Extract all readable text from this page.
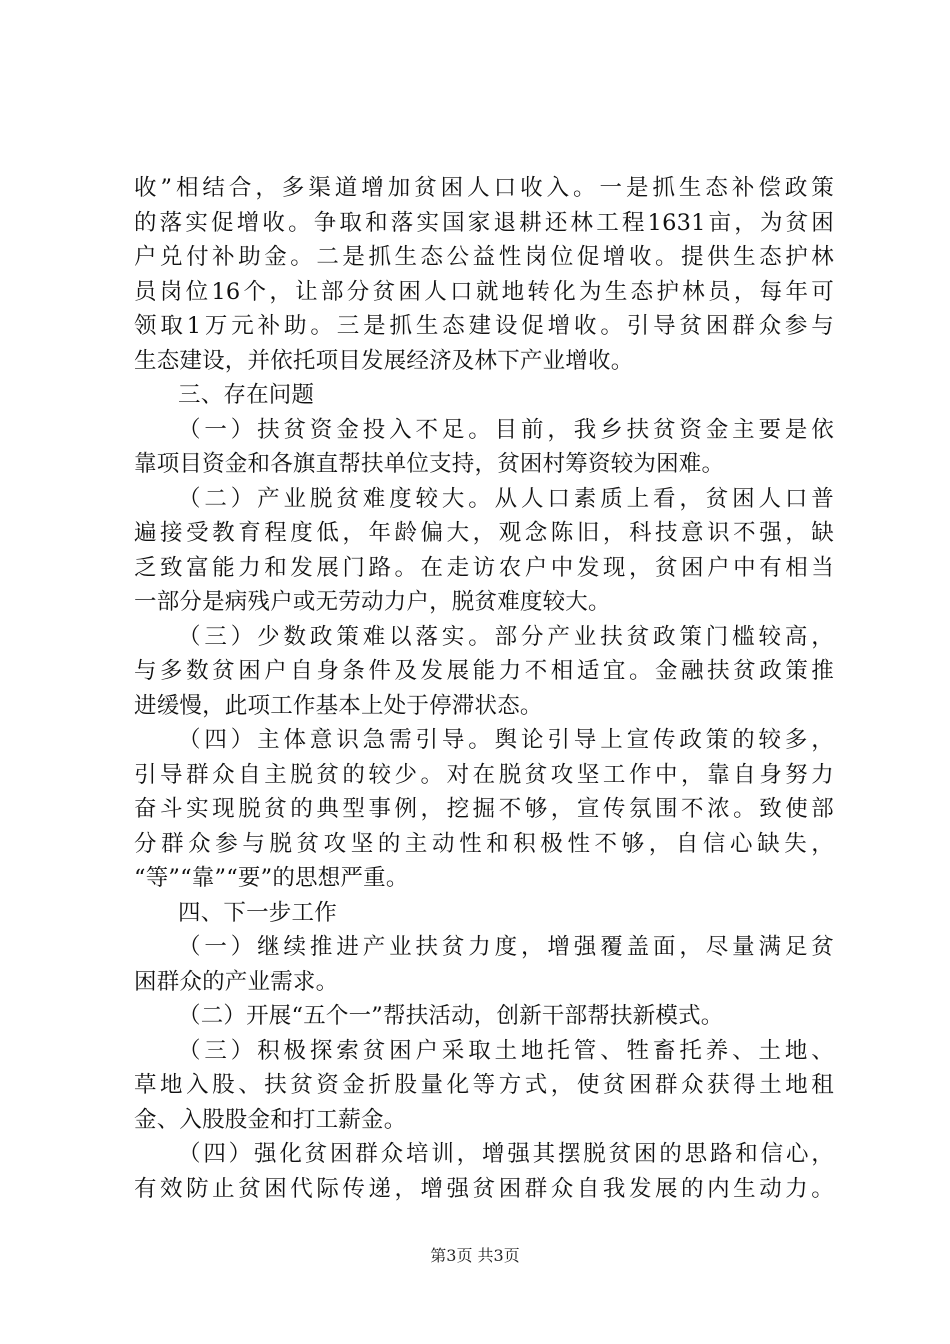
收”相结合，多渠道增加贫困人口收入。一是抓生态补偿政策
的落实促增收。争取和落实国家退耕还林工程1631亩，为贫困
户兑付补助金。二是抓生态公益性岗位促增收。提供生态护林
员岗位16个，让部分贫困人口就地转化为生态护林员，每年可
领取1万元补助。三是抓生态建设促增收。引导贫困群众参与
生态建设，并依托项目发展经济及林下产业增收。
三、存在问题
（一）扶贫资金投入不足。目前，我乡扶贫资金主要是依
靠项目资金和各旗直帮扶单位支持，贫困村筹资较为困难。
（二）产业脱贫难度较大。从人口素质上看，贫困人口普
遍接受教育程度低，年龄偏大，观念陈旧，科技意识不强，缺
乏致富能力和发展门路。在走访农户中发现，贫困户中有相当
一部分是病残户或无劳动力户，脱贫难度较大。
（三）少数政策难以落实。部分产业扶贫政策门槛较高，
与多数贫困户自身条件及发展能力不相适宜。金融扶贫政策推
进缓慢，此项工作基本上处于停滞状态。
（四）主体意识急需引导。舆论引导上宣传政策的较多，
引导群众自主脱贫的较少。对在脱贫攻坚工作中，靠自身努力
奋斗实现脱贫的典型事例，挖掘不够，宣传氛围不浓。致使部
分群众参与脱贫攻坚的主动性和积极性不够，自信心缺失，
“等”“靠”“要”的思想严重。
四、下一步工作
（一）继续推进产业扶贫力度，增强覆盖面，尽量满足贫
困群众的产业需求。
（二）开展“五个一”帮扶活动，创新干部帮扶新模式。
（三）积极探索贫困户采取土地托管、牲畜托养、土地、
草地入股、扶贫资金折股量化等方式，使贫困群众获得土地租
金、入股股金和打工薪金。
（四）强化贫困群众培训，增强其摆脱贫困的思路和信心，
有效防止贫困代际传递，增强贫困群众自我发展的内生动力。
第3页 共3页
